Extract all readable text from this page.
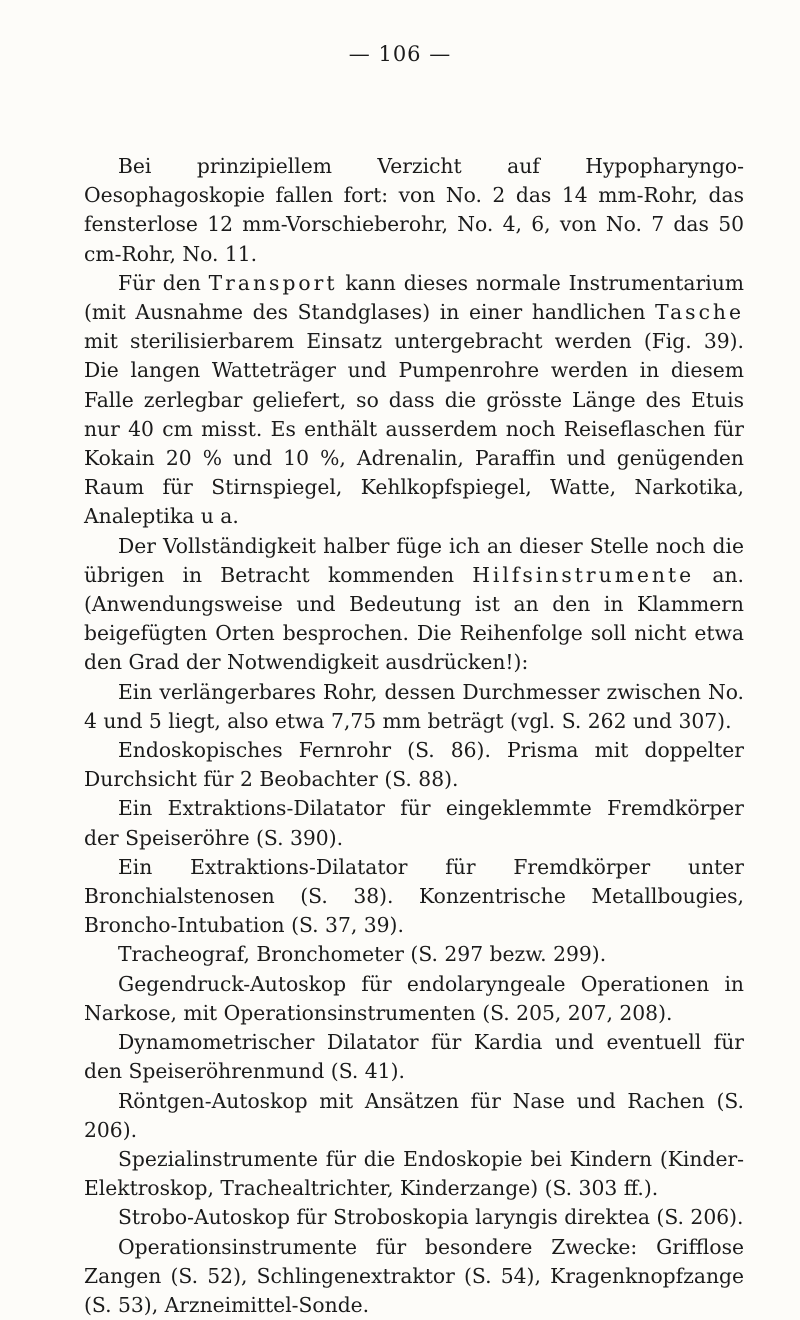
— 106 —

Bei prinzipiellem Verzicht auf Hypopharyngo-Oesophagoskopie fallen fort: von No. 2 das 14 mm-Rohr, das fensterlose 12 mm-Vorschieberohr, No. 4, 6, von No. 7 das 50 cm-Rohr, No. 11.

Für den Transport kann dieses normale Instrumentarium (mit Ausnahme des Standglases) in einer handlichen Tasche mit sterilisierbarem Einsatz untergebracht werden (Fig. 39). Die langen Watteträger und Pumpenrohre werden in diesem Falle zerlegbar geliefert, so dass die grösste Länge des Etuis nur 40 cm misst. Es enthält ausserdem noch Reiseflaschen für Kokain 20 % und 10 %, Adrenalin, Paraffin und genügenden Raum für Stirnspiegel, Kehlkopfspiegel, Watte, Narkotika, Analeptika u a.

Der Vollständigkeit halber füge ich an dieser Stelle noch die übrigen in Betracht kommenden Hilfsinstrumente an. (Anwendungsweise und Bedeutung ist an den in Klammern beigefügten Orten besprochen. Die Reihenfolge soll nicht etwa den Grad der Notwendigkeit ausdrücken!):

Ein verlängerbares Rohr, dessen Durchmesser zwischen No. 4 und 5 liegt, also etwa 7,75 mm beträgt (vgl. S. 262 und 307).

Endoskopisches Fernrohr (S. 86). Prisma mit doppelter Durchsicht für 2 Beobachter (S. 88).

Ein Extraktions-Dilatator für eingeklemmte Fremdkörper der Speiseröhre (S. 390).

Ein Extraktions-Dilatator für Fremdkörper unter Bronchialstenosen (S. 38). Konzentrische Metallbougies, Broncho-Intubation (S. 37, 39).

Tracheograf, Bronchometer (S. 297 bezw. 299).

Gegendruck-Autoskop für endolaryngeale Operationen in Narkose, mit Operationsinstrumenten (S. 205, 207, 208).

Dynamometrischer Dilatator für Kardia und eventuell für den Speiseröhrenmund (S. 41).

Röntgen-Autoskop mit Ansätzen für Nase und Rachen (S. 206).

Spezialinstrumente für die Endoskopie bei Kindern (Kinder-Elektroskop, Trachealtrichter, Kinderzange) (S. 303 ff.).

Strobo-Autoskop für Stroboskopia laryngis direktea (S. 206).

Operationsinstrumente für besondere Zwecke: Grifflose Zangen (S. 52), Schlingenextraktor (S. 54), Kragenknopfzange (S. 53), Arzneimittel-Sonde.
